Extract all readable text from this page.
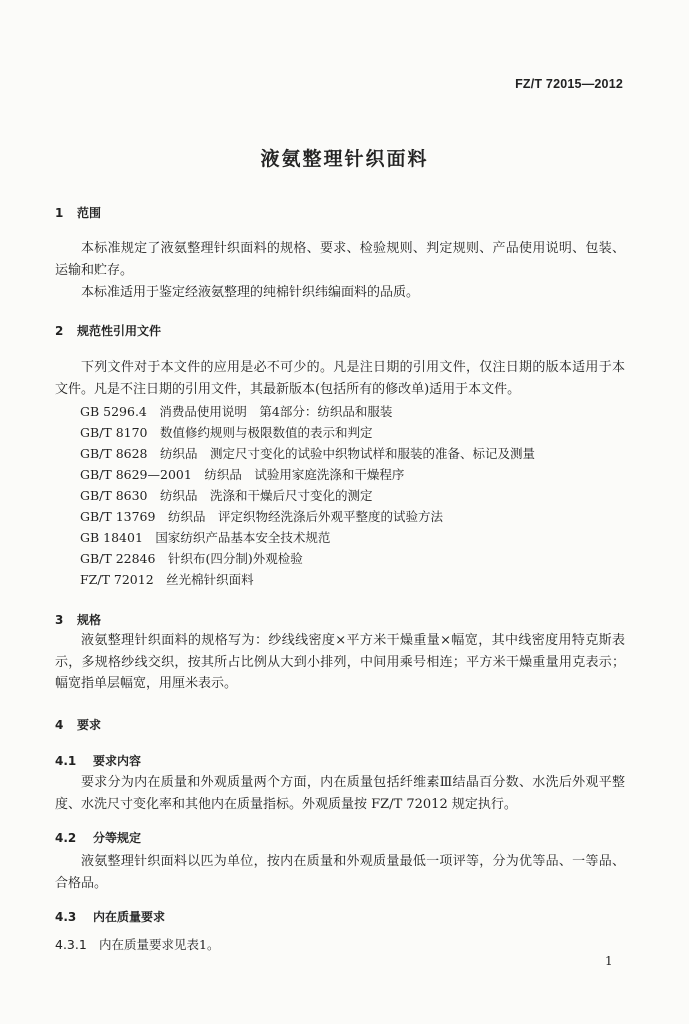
FZ/T 72015—2012
液氨整理针织面料
1 范围
本标准规定了液氨整理针织面料的规格、要求、检验规则、判定规则、产品使用说明、包装、运输和贮存。
本标准适用于鉴定经液氨整理的纯棉针织纬编面料的品质。
2 规范性引用文件
下列文件对于本文件的应用是必不可少的。凡是注日期的引用文件，仅注日期的版本适用于本文件。凡是不注日期的引用文件，其最新版本(包括所有的修改单)适用于本文件。
GB 5296.4　消费品使用说明　第4部分：纺织品和服装
GB/T 8170　数值修约规则与极限数值的表示和判定
GB/T 8628　纺织品　测定尺寸变化的试验中织物试样和服装的准备、标记及测量
GB/T 8629—2001　纺织品　试验用家庭洗涤和干燥程序
GB/T 8630　纺织品　洗涤和干燥后尺寸变化的测定
GB/T 13769　纺织品　评定织物经洗涤后外观平整度的试验方法
GB 18401　国家纺织产品基本安全技术规范
GB/T 22846　针织布(四分制)外观检验
FZ/T 72012　丝光棉针织面料
3 规格
液氨整理针织面料的规格写为：纱线线密度×平方米干燥重量×幅宽，其中线密度用特克斯表示，多规格纱线交织，按其所占比例从大到小排列，中间用乘号相连；平方米干燥重量用克表示；幅宽指单层幅宽，用厘米表示。
4 要求
4.1 要求内容
要求分为内在质量和外观质量两个方面，内在质量包括纤维素Ⅲ结晶百分数、水洗后外观平整度、水洗尺寸变化率和其他内在质量指标。外观质量按 FZ/T 72012 规定执行。
4.2 分等规定
液氨整理针织面料以匹为单位，按内在质量和外观质量最低一项评等，分为优等品、一等品、合格品。
4.3 内在质量要求
4.3.1 内在质量要求见表1。
1
